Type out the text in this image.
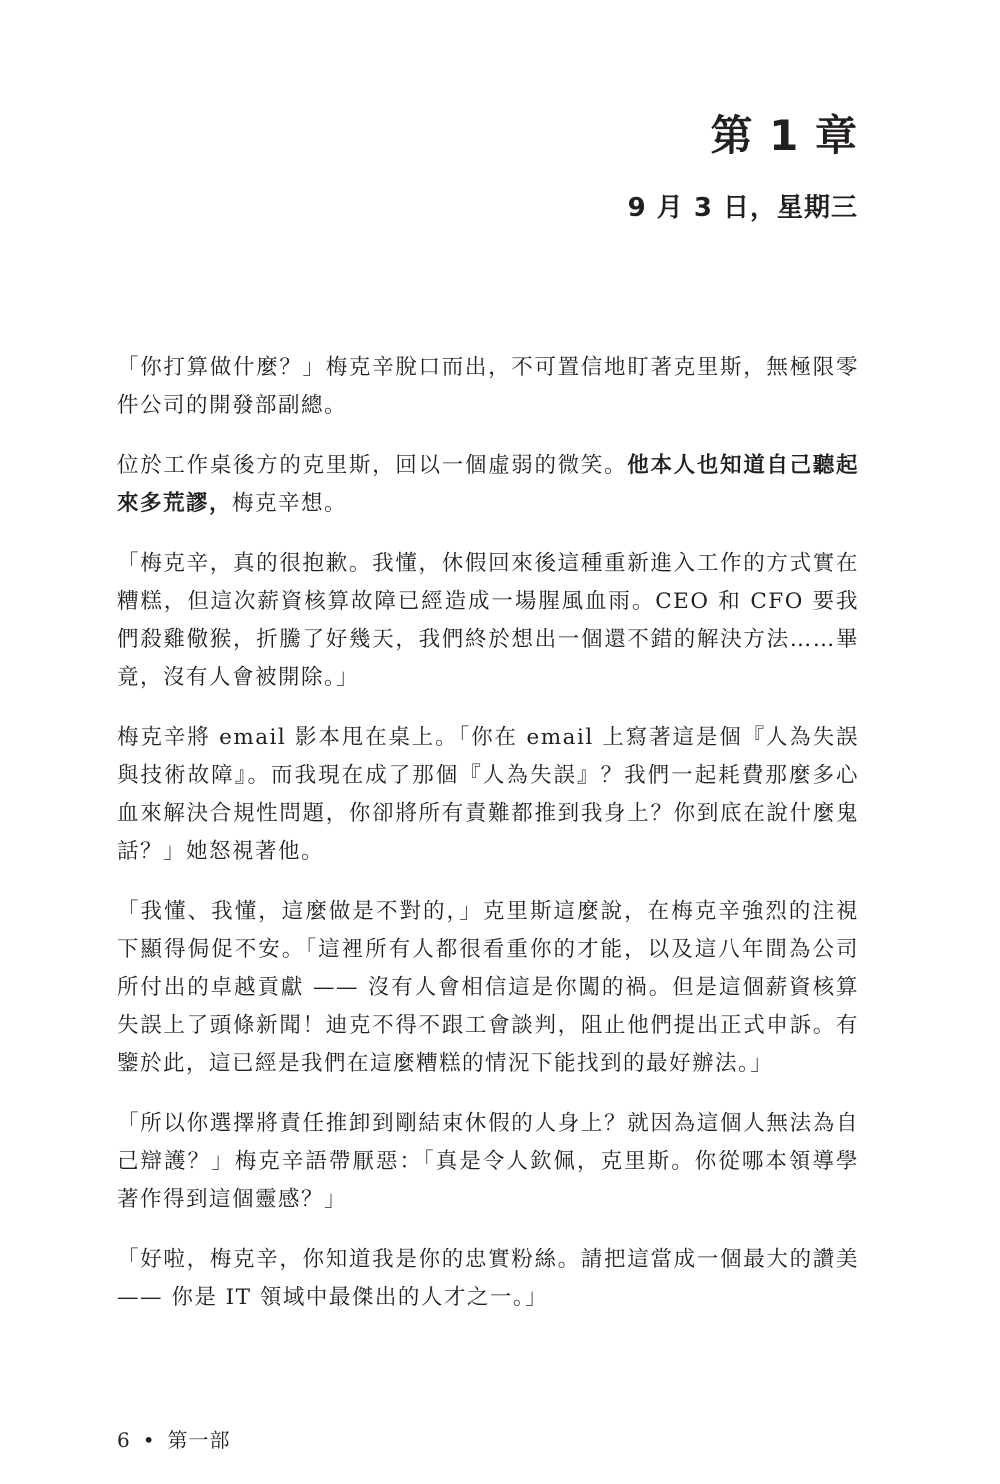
第 1 章
9 月 3 日，星期三

「你打算做什麼？」梅克辛脫口而出，不可置信地盯著克里斯，無極限零件公司的開發部副總。

位於工作桌後方的克里斯，回以一個虛弱的微笑。他本人也知道自己聽起來多荒謬，梅克辛想。

「梅克辛，真的很抱歉。我懂，休假回來後這種重新進入工作的方式實在糟糕，但這次薪資核算故障已經造成一場腥風血雨。CEO 和 CFO 要我們殺雞儆猴，折騰了好幾天，我們終於想出一個還不錯的解決方法……畢竟，沒有人會被開除。」

梅克辛將 email 影本甩在桌上。「你在 email 上寫著這是個『人為失誤與技術故障』。而我現在成了那個『人為失誤』？我們一起耗費那麼多心血來解決合規性問題，你卻將所有責難都推到我身上？你到底在說什麼鬼話？」她怒視著他。

「我懂、我懂，這麼做是不對的，」克里斯這麼說，在梅克辛強烈的注視下顯得侷促不安。「這裡所有人都很看重你的才能，以及這八年間為公司所付出的卓越貢獻 —— 沒有人會相信這是你闖的禍。但是這個薪資核算失誤上了頭條新聞！迪克不得不跟工會談判，阻止他們提出正式申訴。有鑒於此，這已經是我們在這麼糟糕的情況下能找到的最好辦法。」

「所以你選擇將責任推卸到剛結束休假的人身上？就因為這個人無法為自己辯護？」梅克辛語帶厭惡：「真是令人欽佩，克里斯。你從哪本領導學著作得到這個靈感？」

「好啦，梅克辛，你知道我是你的忠實粉絲。請把這當成一個最大的讚美 —— 你是 IT 領域中最傑出的人才之一。」

6 • 第一部
